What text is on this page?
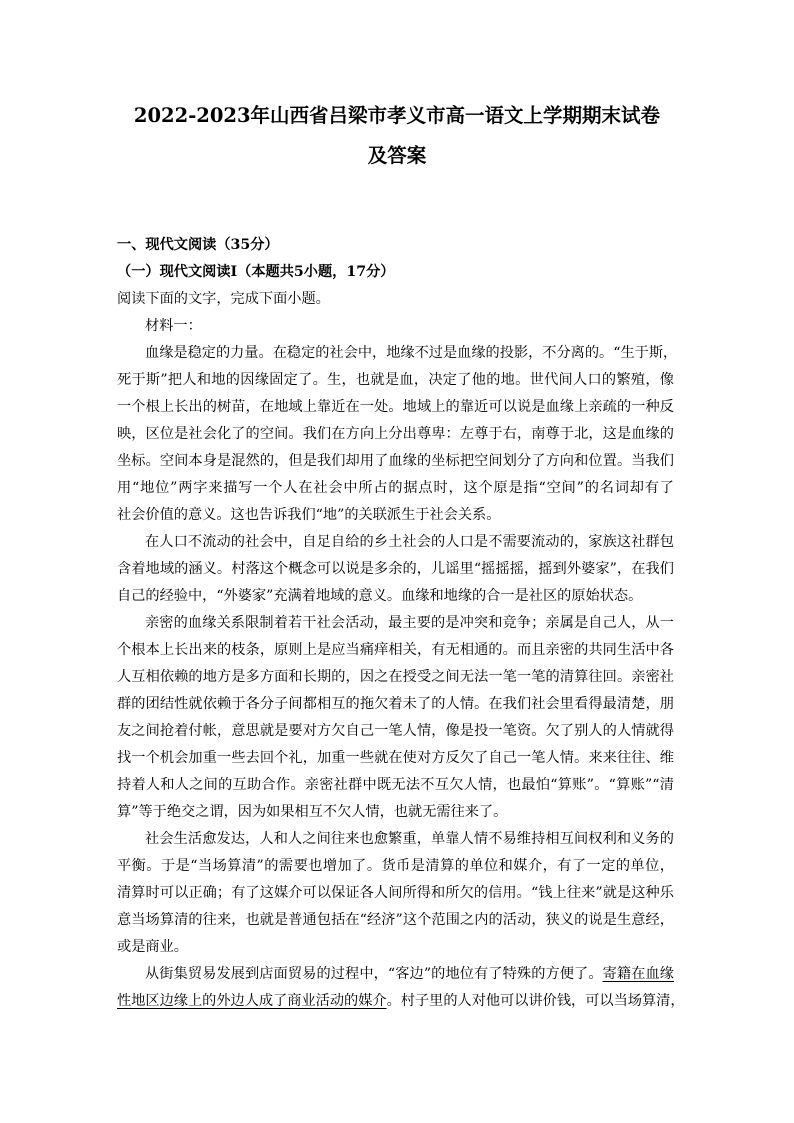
2022-2023年山西省吕梁市孝义市高一语文上学期期末试卷
及答案
一、现代文阅读（35分）
（一）现代文阅读Ⅰ（本题共5小题，17分）
阅读下面的文字，完成下面小题。
材料一：
血缘是稳定的力量。在稳定的社会中，地缘不过是血缘的投影，不分离的。“生于斯，
死于斯”把人和地的因缘固定了。生，也就是血，决定了他的地。世代间人口的繁殖，像
一个根上长出的树苗，在地域上靠近在一处。地域上的靠近可以说是血缘上亲疏的一种反
映，区位是社会化了的空间。我们在方向上分出尊卑：左尊于右，南尊于北，这是血缘的
坐标。空间本身是混然的，但是我们却用了血缘的坐标把空间划分了方向和位置。当我们
用“地位”两字来描写一个人在社会中所占的据点时，这个原是指“空间”的名词却有了
社会价值的意义。这也告诉我们“地”的关联派生于社会关系。
在人口不流动的社会中，自足自给的乡土社会的人口是不需要流动的，家族这社群包
含着地域的涵义。村落这个概念可以说是多余的，儿谣里“摇摇摇，摇到外婆家”，在我们
自己的经验中，“外婆家”充满着地域的意义。血缘和地缘的合一是社区的原始状态。
亲密的血缘关系限制着若干社会活动，最主要的是冲突和竞争；亲属是自己人，从一
个根本上长出来的枝条，原则上是应当痛痒相关，有无相通的。而且亲密的共同生活中各
人互相依赖的地方是多方面和长期的，因之在授受之间无法一笔一笔的清算往回。亲密社
群的团结性就依赖于各分子间都相互的拖欠着未了的人情。在我们社会里看得最清楚，朋
友之间抢着付帐，意思就是要对方欠自己一笔人情，像是投一笔资。欠了别人的人情就得
找一个机会加重一些去回个礼，加重一些就在使对方反欠了自己一笔人情。来来往往、维
持着人和人之间的互助合作。亲密社群中既无法不互欠人情，也最怕“算账”。“算账”“清
算”等于绝交之谓，因为如果相互不欠人情，也就无需往来了。
社会生活愈发达，人和人之间往来也愈繁重，单靠人情不易维持相互间权利和义务的
平衡。于是“当场算清”的需要也增加了。货币是清算的单位和媒介，有了一定的单位，
清算时可以正确；有了这媒介可以保证各人间所得和所欠的信用。“钱上往来”就是这种乐
意当场算清的往来，也就是普通包括在“经济”这个范围之内的活动，狭义的说是生意经，
或是商业。
从街集贸易发展到店面贸易的过程中，“客边”的地位有了特殊的方便了。寄籍在血缘
性地区边缘上的外边人成了商业活动的媒介。村子里的人对他可以讲价钱，可以当场算清，
